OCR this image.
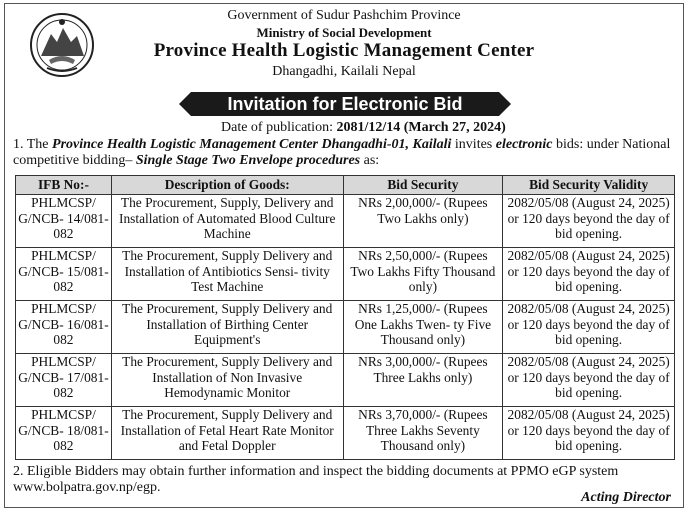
Government of Sudur Pashchim Province
Ministry of Social Development
Province Health Logistic Management Center
Dhangadhi, Kailali Nepal
Invitation for Electronic Bid
Date of publication: 2081/12/14 (March 27, 2024)
1. The Province Health Logistic Management Center Dhangadhi-01, Kailali invites electronic bids: under National competitive bidding– Single Stage Two Envelope procedures as:
IFB No:-	Description of Goods:	Bid Security	Bid Security Validity
PHLMCSP/ G/NCB- 14/081-082	The Procurement, Supply, Delivery and Installation of Automated Blood Culture Machine	NRs 2,00,000/- (Rupees Two Lakhs only)	2082/05/08 (August 24, 2025) or 120 days beyond the day of bid opening.
PHLMCSP/ G/NCB- 15/081-082	The Procurement, Supply Delivery and Installation of Antibiotics Sensi- tivity Test Machine	NRs 2,50,000/- (Rupees Two Lakhs Fifty Thousand only)	2082/05/08 (August 24, 2025) or 120 days beyond the day of bid opening.
PHLMCSP/ G/NCB- 16/081-082	The Procurement, Supply Delivery and Installation of Birthing Center Equipment's	NRs 1,25,000/- (Rupees One Lakhs Twen- ty Five Thousand only)	2082/05/08 (August 24, 2025) or 120 days beyond the day of bid opening.
PHLMCSP/ G/NCB- 17/081-082	The Procurement, Supply Delivery and Installation of Non Invasive Hemodynamic Monitor	NRs 3,00,000/- (Rupees Three Lakhs only)	2082/05/08 (August 24, 2025) or 120 days beyond the day of bid opening.
PHLMCSP/ G/NCB- 18/081-082	The Procurement, Supply Delivery and Installation of Fetal Heart Rate Monitor and Fetal Doppler	NRs 3,70,000/- (Rupees Three Lakhs Seventy Thousand only)	2082/05/08 (August 24, 2025) or 120 days beyond the day of bid opening.
2. Eligible Bidders may obtain further information and inspect the bidding documents at PPMO eGP system www.bolpatra.gov.np/egp.
Acting Director
